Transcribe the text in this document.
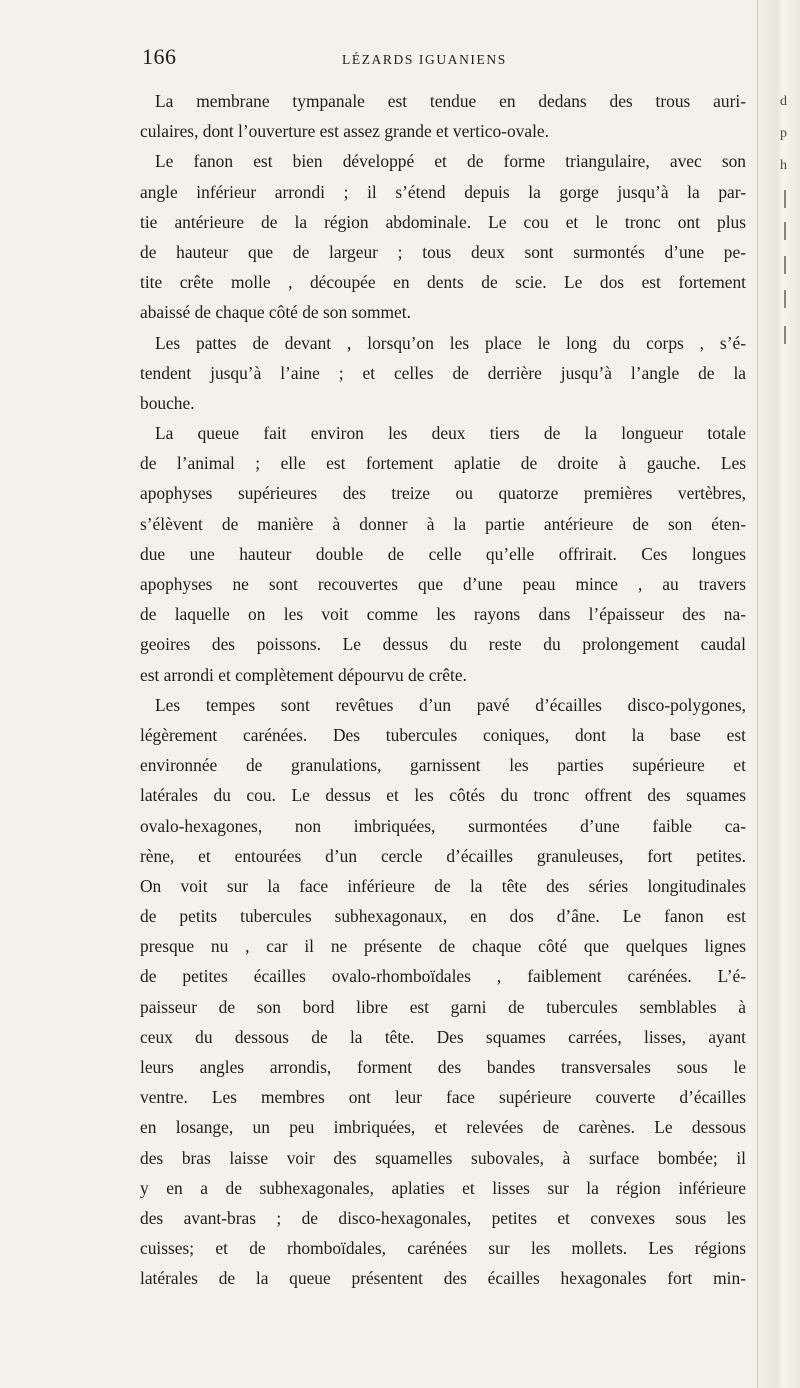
166	LÉZARDS IGUANIENS
La membrane tympanale est tendue en dedans des trous auri-
culaires, dont l’ouverture est assez grande et vertico-ovale.
Le fanon est bien développé et de forme triangulaire, avec son
angle inférieur arrondi ; il s’étend depuis la gorge jusqu’à la par-
tie antérieure de la région abdominale. Le cou et le tronc ont plus
de hauteur que de largeur ; tous deux sont surmontés d’une pe-
tite crête molle , découpée en dents de scie. Le dos est fortement
abaissé de chaque côté de son sommet.
Les pattes de devant , lorsqu’on les place le long du corps , s’é-
tendent jusqu’à l’aine ; et celles de derrière jusqu’à l’angle de la
bouche.
La queue fait environ les deux tiers de la longueur totale
de l’animal ; elle est fortement aplatie de droite à gauche. Les
apophyses supérieures des treize ou quatorze premières vertèbres,
s’élèvent de manière à donner à la partie antérieure de son éten-
due une hauteur double de celle qu’elle offrirait. Ces longues
apophyses ne sont recouvertes que d’une peau mince , au travers
de laquelle on les voit comme les rayons dans l’épaisseur des na-
geoires des poissons. Le dessus du reste du prolongement caudal
est arrondi et complètement dépourvu de crête.
Les tempes sont revêtues d’un pavé d’écailles disco-polygones,
légèrement carénées. Des tubercules coniques, dont la base est
environnée de granulations, garnissent les parties supérieure et
latérales du cou. Le dessus et les côtés du tronc offrent des squames
ovalo-hexagones, non imbriquées, surmontées d’une faible ca-
rène, et entourées d’un cercle d’écailles granuleuses, fort petites.
On voit sur la face inférieure de la tête des séries longitudinales
de petits tubercules subhexagonaux, en dos d’âne. Le fanon est
presque nu , car il ne présente de chaque côté que quelques lignes
de petites écailles ovalo-rhomboïdales , faiblement carénées. L’é-
paisseur de son bord libre est garni de tubercules semblables à
ceux du dessous de la tête. Des squames carrées, lisses, ayant
leurs angles arrondis, forment des bandes transversales sous le
ventre. Les membres ont leur face supérieure couverte d’écailles
en losange, un peu imbriquées, et relevées de carènes. Le dessous
des bras laisse voir des squamelles subovales, à surface bombée; il
y en a de subhexagonales, aplaties et lisses sur la région inférieure
des avant-bras ; de disco-hexagonales, petites et convexes sous les
cuisses; et de rhomboïdales, carénées sur les mollets. Les régions
latérales de la queue présentent des écailles hexagonales fort min-
d
p
h
